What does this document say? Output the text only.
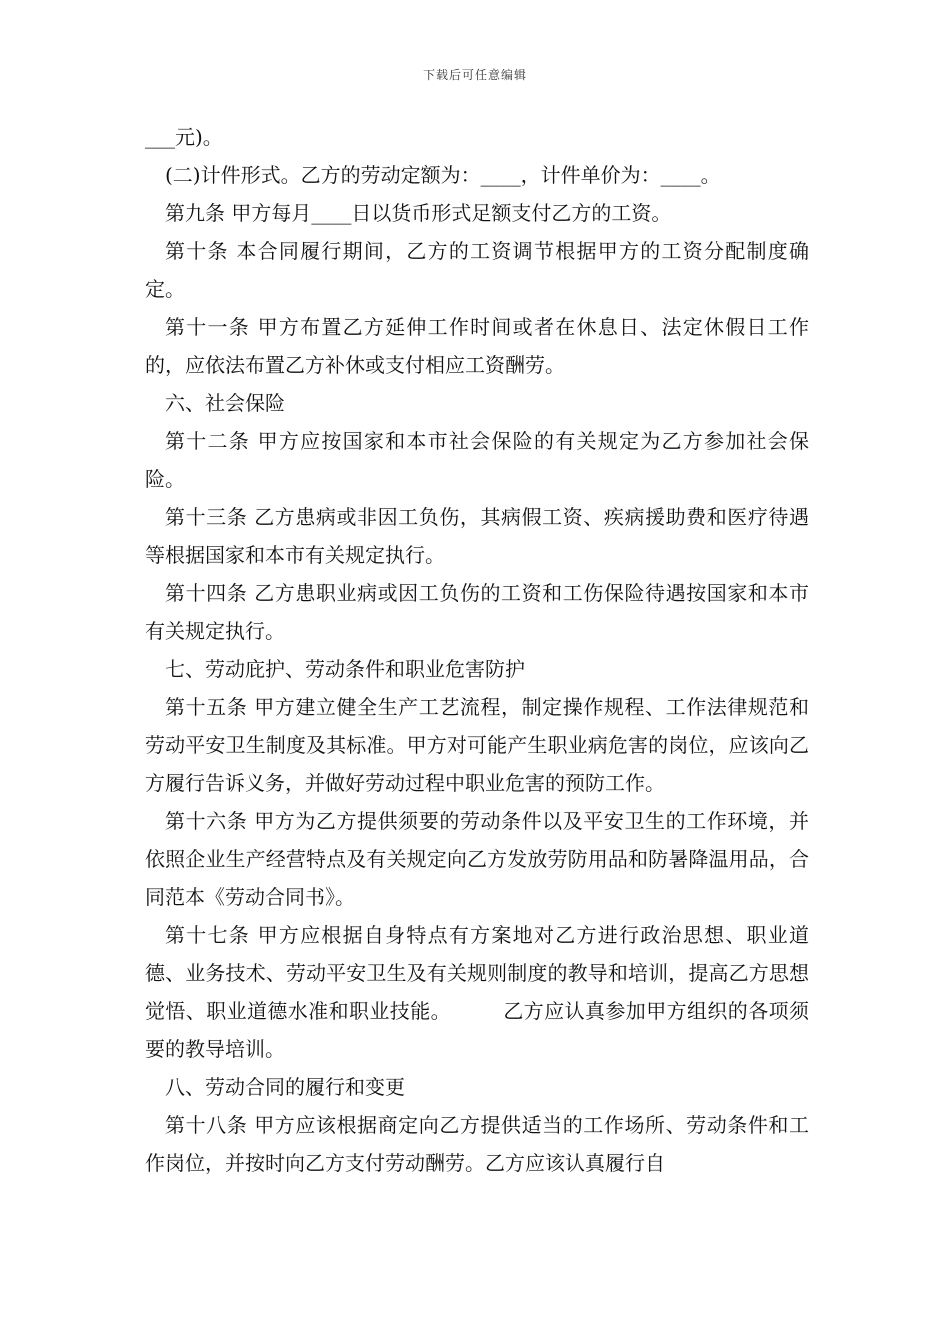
下载后可任意编辑

___元)。

(二)计件形式。乙方的劳动定额为：____，计件单价为：____。

第九条 甲方每月____日以货币形式足额支付乙方的工资。

第十条 本合同履行期间，乙方的工资调节根据甲方的工资分配制度确定。

第十一条 甲方布置乙方延伸工作时间或者在休息日、法定休假日工作的，应依法布置乙方补休或支付相应工资酬劳。

六、社会保险

第十二条 甲方应按国家和本市社会保险的有关规定为乙方参加社会保险。

第十三条 乙方患病或非因工负伤，其病假工资、疾病援助费和医疗待遇等根据国家和本市有关规定执行。

第十四条 乙方患职业病或因工负伤的工资和工伤保险待遇按国家和本市有关规定执行。

七、劳动庇护、劳动条件和职业危害防护

第十五条 甲方建立健全生产工艺流程，制定操作规程、工作法律规范和劳动平安卫生制度及其标准。甲方对可能产生职业病危害的岗位，应该向乙方履行告诉义务，并做好劳动过程中职业危害的预防工作。

第十六条 甲方为乙方提供须要的劳动条件以及平安卫生的工作环境，并依照企业生产经营特点及有关规定向乙方发放劳防用品和防暑降温用品，合同范本《劳动合同书》。

第十七条 甲方应根据自身特点有方案地对乙方进行政治思想、职业道德、业务技术、劳动平安卫生及有关规则制度的教导和培训，提高乙方思想觉悟、职业道德水准和职业技能。	乙方应认真参加甲方组织的各项须要的教导培训。

八、劳动合同的履行和变更

第十八条 甲方应该根据商定向乙方提供适当的工作场所、劳动条件和工作岗位，并按时向乙方支付劳动酬劳。乙方应该认真履行自
